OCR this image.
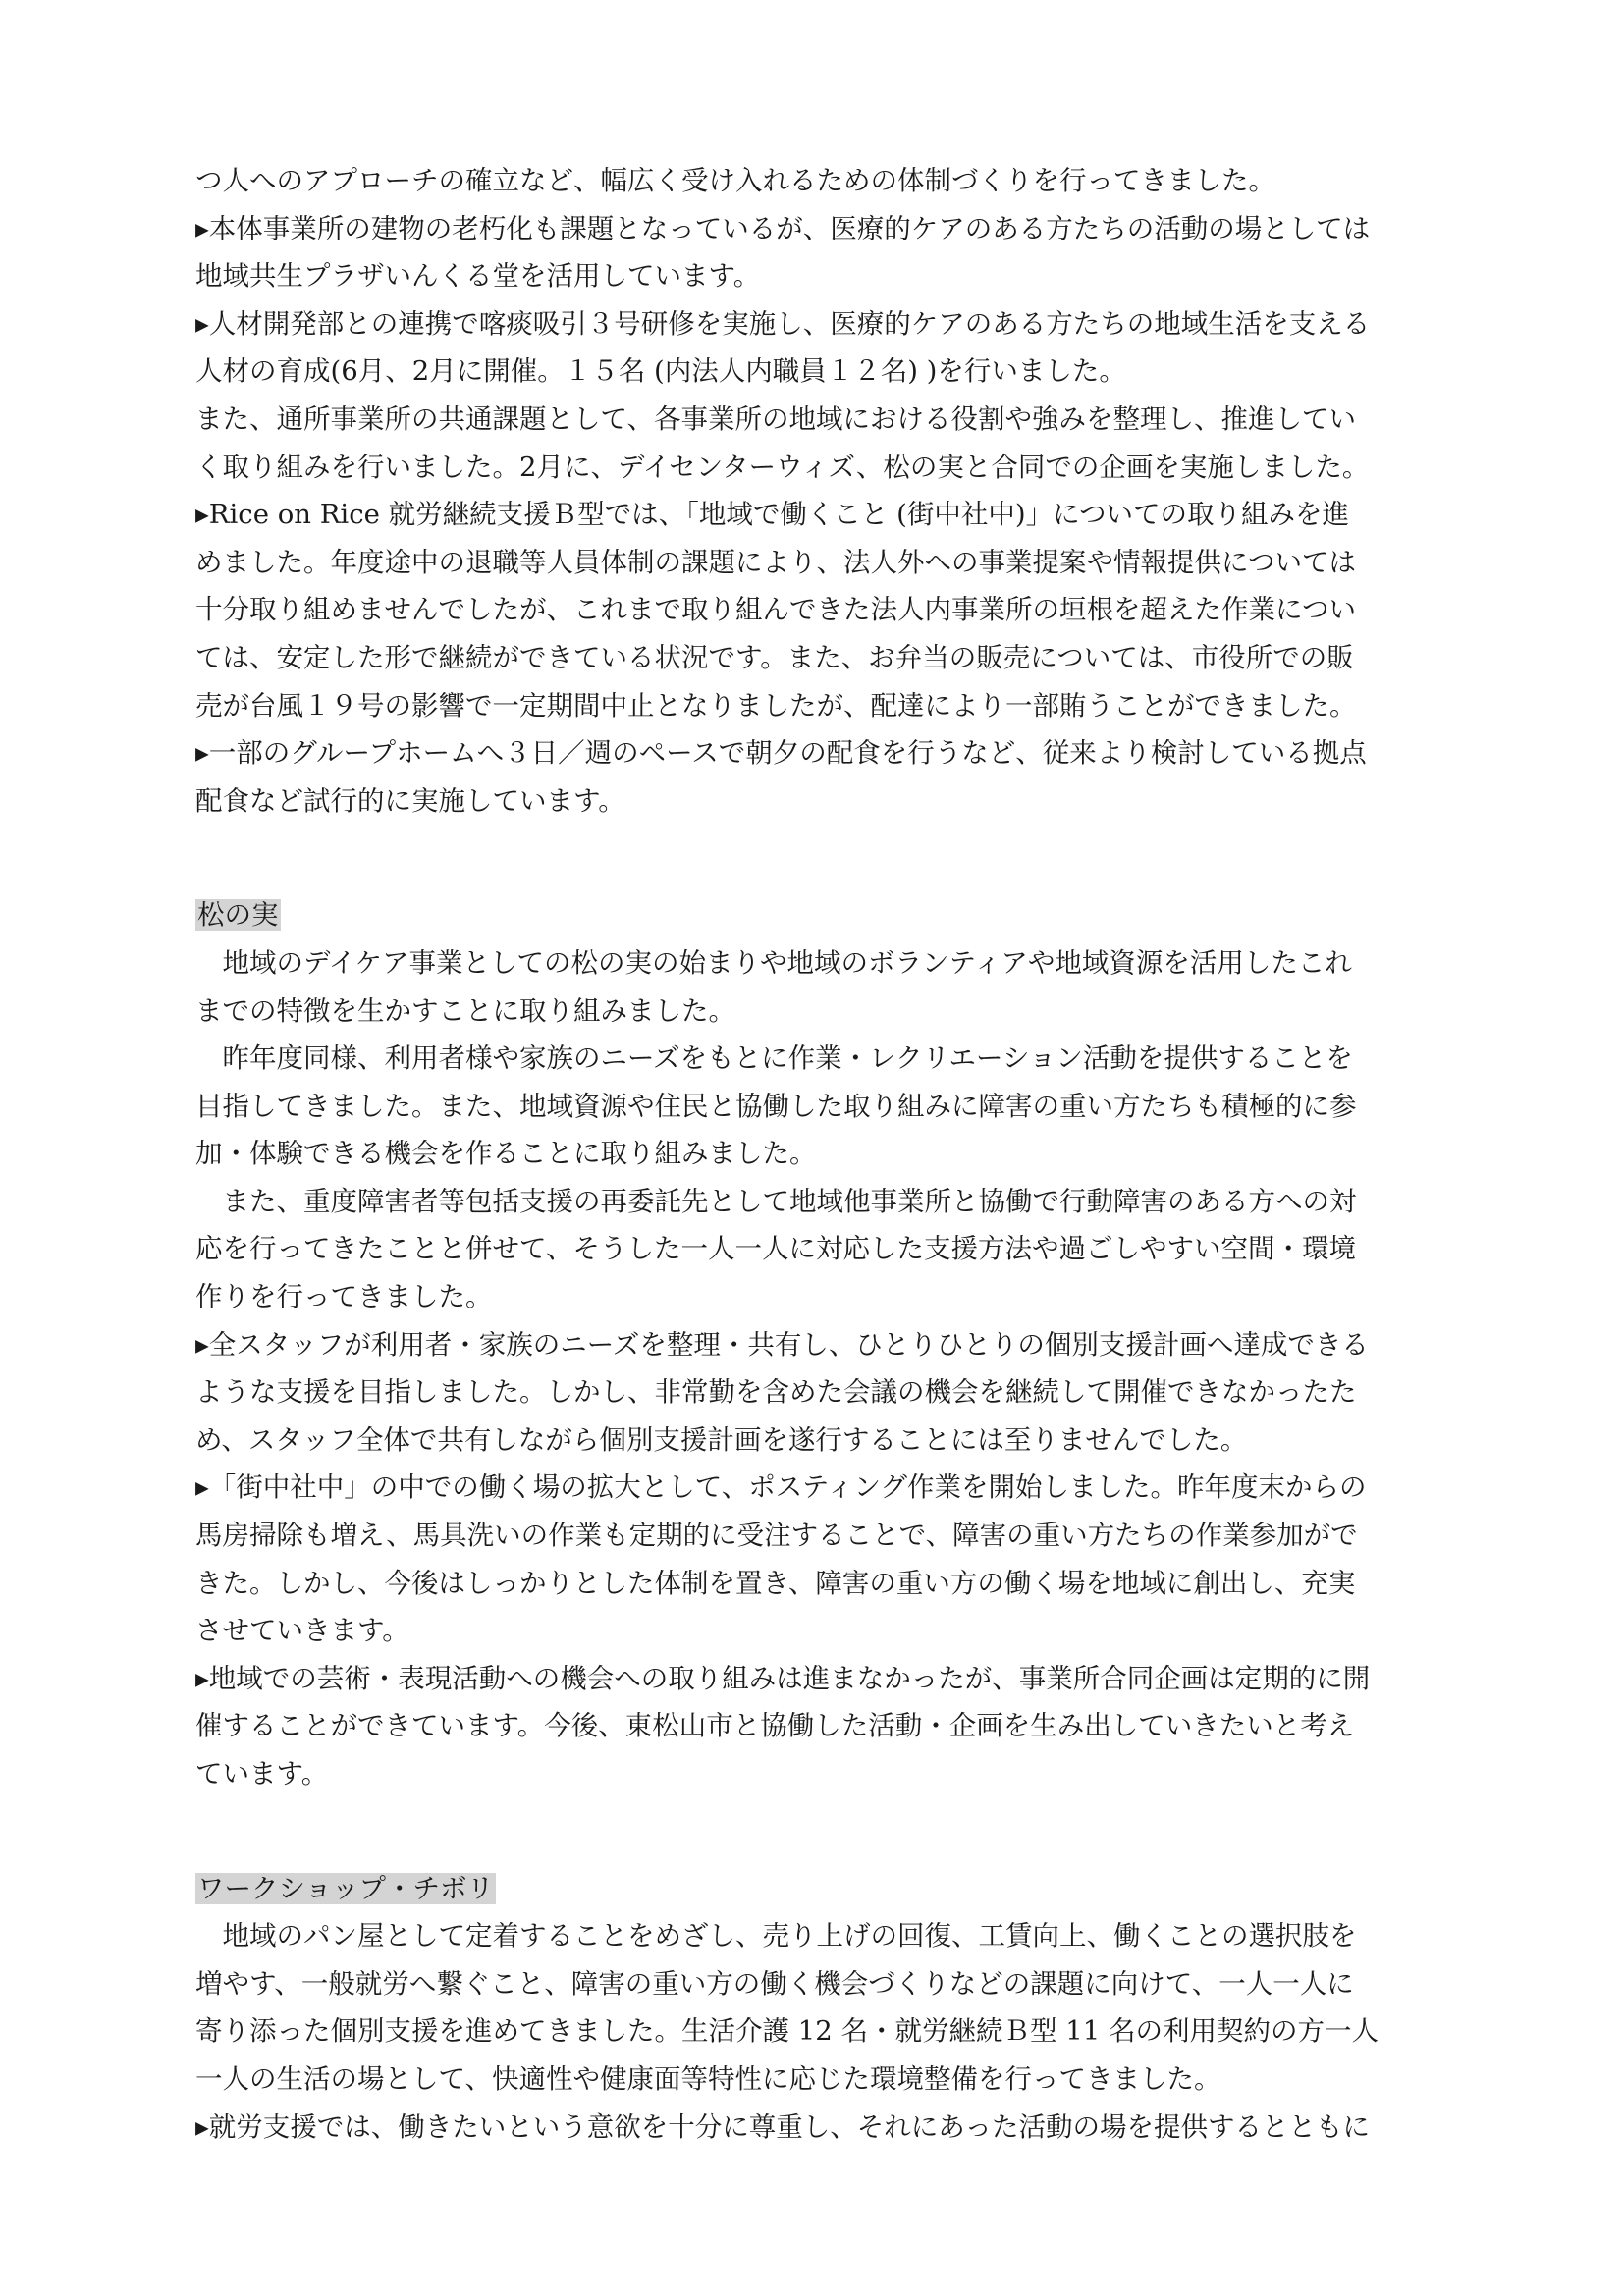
つ人へのアプローチの確立など、幅広く受け入れるための体制づくりを行ってきました。

▸本体事業所の建物の老朽化も課題となっているが、医療的ケアのある方たちの活動の場としては

地域共生プラザいんくる堂を活用しています。

▸人材開発部との連携で喀痰吸引３号研修を実施し、医療的ケアのある方たちの地域生活を支える

人材の育成(6月、2月に開催。１５名 (内法人内職員１２名) )を行いました。

また、通所事業所の共通課題として、各事業所の地域における役割や強みを整理し、推進してい

く取り組みを行いました。2月に、デイセンターウィズ、松の実と合同での企画を実施しました。

▸Rice on Rice 就労継続支援Ｂ型では、「地域で働くこと (街中社中)」についての取り組みを進

めました。年度途中の退職等人員体制の課題により、法人外への事業提案や情報提供については

十分取り組めませんでしたが、これまで取り組んできた法人内事業所の垣根を超えた作業につい

ては、安定した形で継続ができている状況です。また、お弁当の販売については、市役所での販

売が台風１９号の影響で一定期間中止となりましたが、配達により一部賄うことができました。

▸一部のグループホームへ３日／週のペースで朝夕の配食を行うなど、従来より検討している拠点

配食など試行的に実施しています。

松の実

　地域のデイケア事業としての松の実の始まりや地域のボランティアや地域資源を活用したこれ

までの特徴を生かすことに取り組みました。

　昨年度同様、利用者様や家族のニーズをもとに作業・レクリエーション活動を提供することを

目指してきました。また、地域資源や住民と協働した取り組みに障害の重い方たちも積極的に参

加・体験できる機会を作ることに取り組みました。

　また、重度障害者等包括支援の再委託先として地域他事業所と協働で行動障害のある方への対

応を行ってきたことと併せて、そうした一人一人に対応した支援方法や過ごしやすい空間・環境

作りを行ってきました。

▸全スタッフが利用者・家族のニーズを整理・共有し、ひとりひとりの個別支援計画へ達成できる

ような支援を目指しました。しかし、非常勤を含めた会議の機会を継続して開催できなかったた

め、スタッフ全体で共有しながら個別支援計画を遂行することには至りませんでした。

▸「街中社中」の中での働く場の拡大として、ポスティング作業を開始しました。昨年度末からの

馬房掃除も増え、馬具洗いの作業も定期的に受注することで、障害の重い方たちの作業参加がで

きた。しかし、今後はしっかりとした体制を置き、障害の重い方の働く場を地域に創出し、充実

させていきます。

▸地域での芸術・表現活動への機会への取り組みは進まなかったが、事業所合同企画は定期的に開

催することができています。今後、東松山市と協働した活動・企画を生み出していきたいと考え

ています。

ワークショップ・チボリ

　地域のパン屋として定着することをめざし、売り上げの回復、工賃向上、働くことの選択肢を

増やす、一般就労へ繋ぐこと、障害の重い方の働く機会づくりなどの課題に向けて、一人一人に

寄り添った個別支援を進めてきました。生活介護 12 名・就労継続Ｂ型 11 名の利用契約の方一人

一人の生活の場として、快適性や健康面等特性に応じた環境整備を行ってきました。

▸就労支援では、働きたいという意欲を十分に尊重し、それにあった活動の場を提供するとともに
